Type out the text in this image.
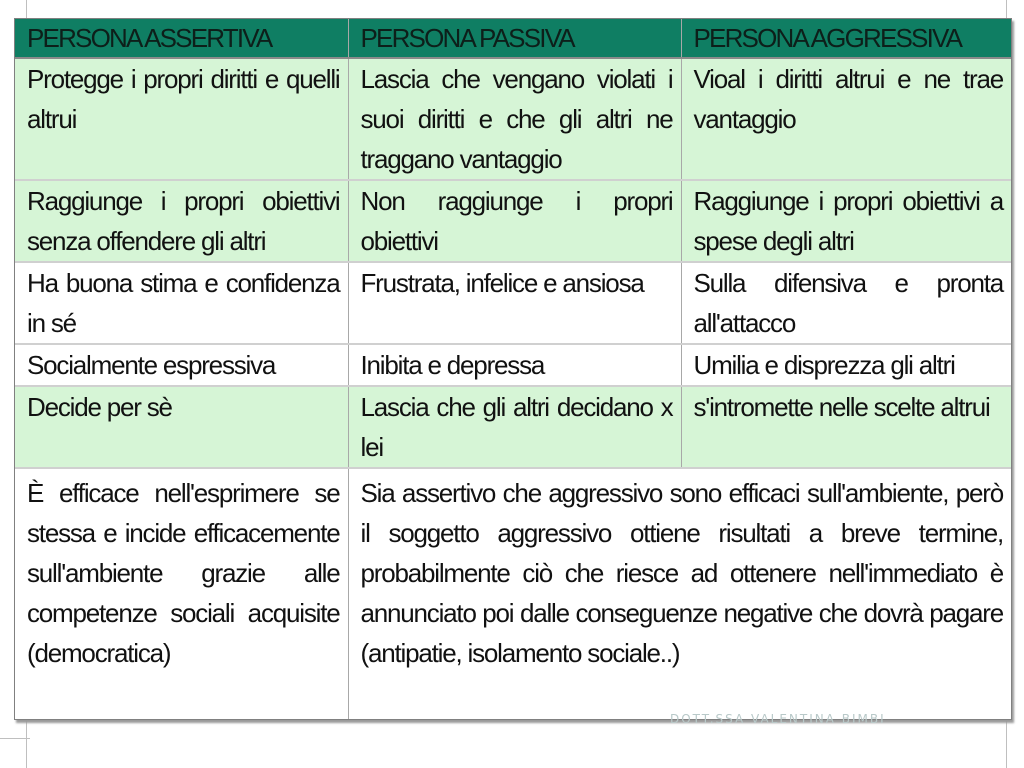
PERSONA ASSERTIVA	PERSONA PASSIVA	PERSONA AGGRESSIVA
Protegge i propri diritti e quelli altrui	Lascia che vengano violati i suoi diritti e che gli altri ne traggano vantaggio	Vioal i diritti altrui e ne trae vantaggio
Raggiunge i propri obiettivi senza offendere gli altri	Non raggiunge i propri obiettivi	Raggiunge i propri obiettivi a spese degli altri
Ha buona stima e confidenza in sé	Frustrata, infelice e ansiosa	Sulla difensiva e pronta all'attacco
Socialmente espressiva	Inibita e depressa	Umilia e disprezza gli altri
Decide per sè	Lascia che gli altri decidano x lei	s'intromette nelle scelte altrui
È efficace nell'esprimere se stessa e incide efficacemente sull'ambiente grazie alle competenze sociali acquisite (democratica)	Sia assertivo che aggressivo sono efficaci sull'ambiente, però il soggetto aggressivo ottiene risultati a breve termine, probabilmente ciò che riesce ad ottenere nell'immediato è annunciato poi dalle conseguenze negative che dovrà pagare (antipatie, isolamento sociale..)	
DOTT.SSA VALENTINA BIMBI
